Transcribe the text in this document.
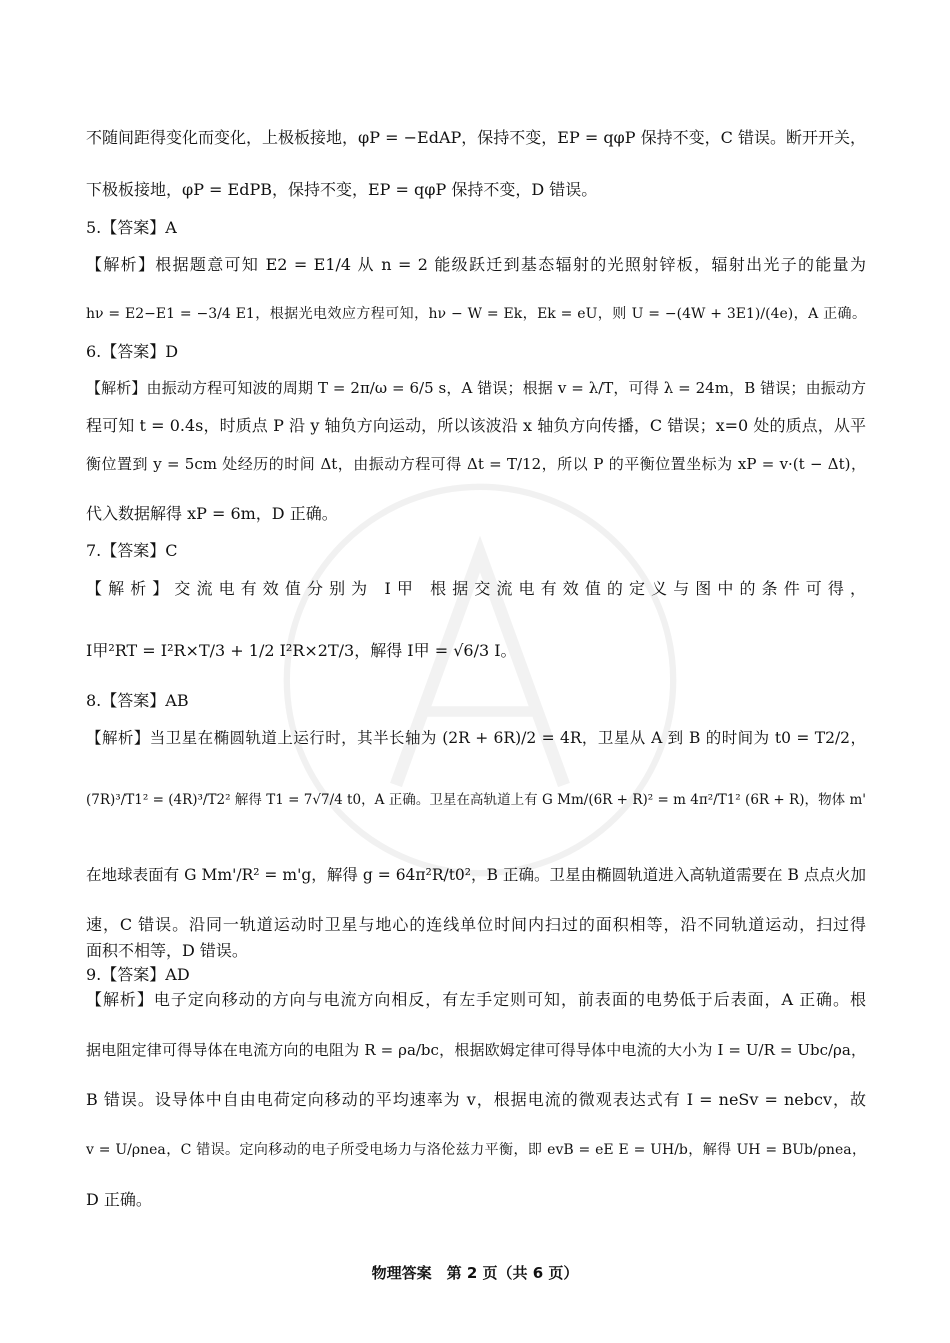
不随间距得变化而变化，上极板接地，φP = −EdAP，保持不变，EP = qφP 保持不变，C 错误。断开开关，
下极板接地，φP = EdPB，保持不变，EP = qφP 保持不变，D 错误。
5.【答案】A
【解析】根据题意可知 E2 = E1/4 从 n = 2 能级跃迁到基态辐射的光照射锌板，辐射出光子的能量为
hν = E2−E1 = −3/4 E1，根据光电效应方程可知，hν − W = Ek，Ek = eU，则 U = −(4W + 3E1)/(4e)，A 正确。
6.【答案】D
【解析】由振动方程可知波的周期 T = 2π/ω = 6/5 s，A 错误；根据 v = λ/T，可得 λ = 24m，B 错误；由振动方
程可知 t = 0.4s，时质点 P 沿 y 轴负方向运动，所以该波沿 x 轴负方向传播，C 错误；x=0 处的质点，从平
衡位置到 y = 5cm 处经历的时间 Δt，由振动方程可得 Δt = T/12，所以 P 的平衡位置坐标为 xP = v·(t − Δt)，
代入数据解得 xP = 6m，D 正确。
7.【答案】C
【解析】交流电有效值分别为 I甲 根据交流电有效值的定义与图中的条件可得，
I甲²RT = I²R×T/3 + 1/2 I²R×2T/3，解得 I甲 = √6/3 I。
8.【答案】AB
【解析】当卫星在椭圆轨道上运行时，其半长轴为 (2R + 6R)/2 = 4R，卫星从 A 到 B 的时间为 t0 = T2/2，
(7R)³/T1² = (4R)³/T2² 解得 T1 = 7√7/4 t0，A 正确。卫星在高轨道上有 G Mm/(6R + R)² = m 4π²/T1² (6R + R)，物体 m'
在地球表面有 G Mm'/R² = m'g，解得 g = 64π²R/t0²，B 正确。卫星由椭圆轨道进入高轨道需要在 B 点点火加
速，C 错误。沿同一轨道运动时卫星与地心的连线单位时间内扫过的面积相等，沿不同轨道运动，扫过得
面积不相等，D 错误。
9.【答案】AD
【解析】电子定向移动的方向与电流方向相反，有左手定则可知，前表面的电势低于后表面，A 正确。根
据电阻定律可得导体在电流方向的电阻为 R = ρa/bc，根据欧姆定律可得导体中电流的大小为 I = U/R = Ubc/ρa，
B 错误。设导体中自由电荷定向移动的平均速率为 v，根据电流的微观表达式有 I = neSv = nebcv，故
v = U/ρnea，C 错误。定向移动的电子所受电场力与洛伦兹力平衡，即 evB = eE E = UH/b，解得 UH = BUb/ρnea，
D 正确。
物理答案　第 2 页（共 6 页）
